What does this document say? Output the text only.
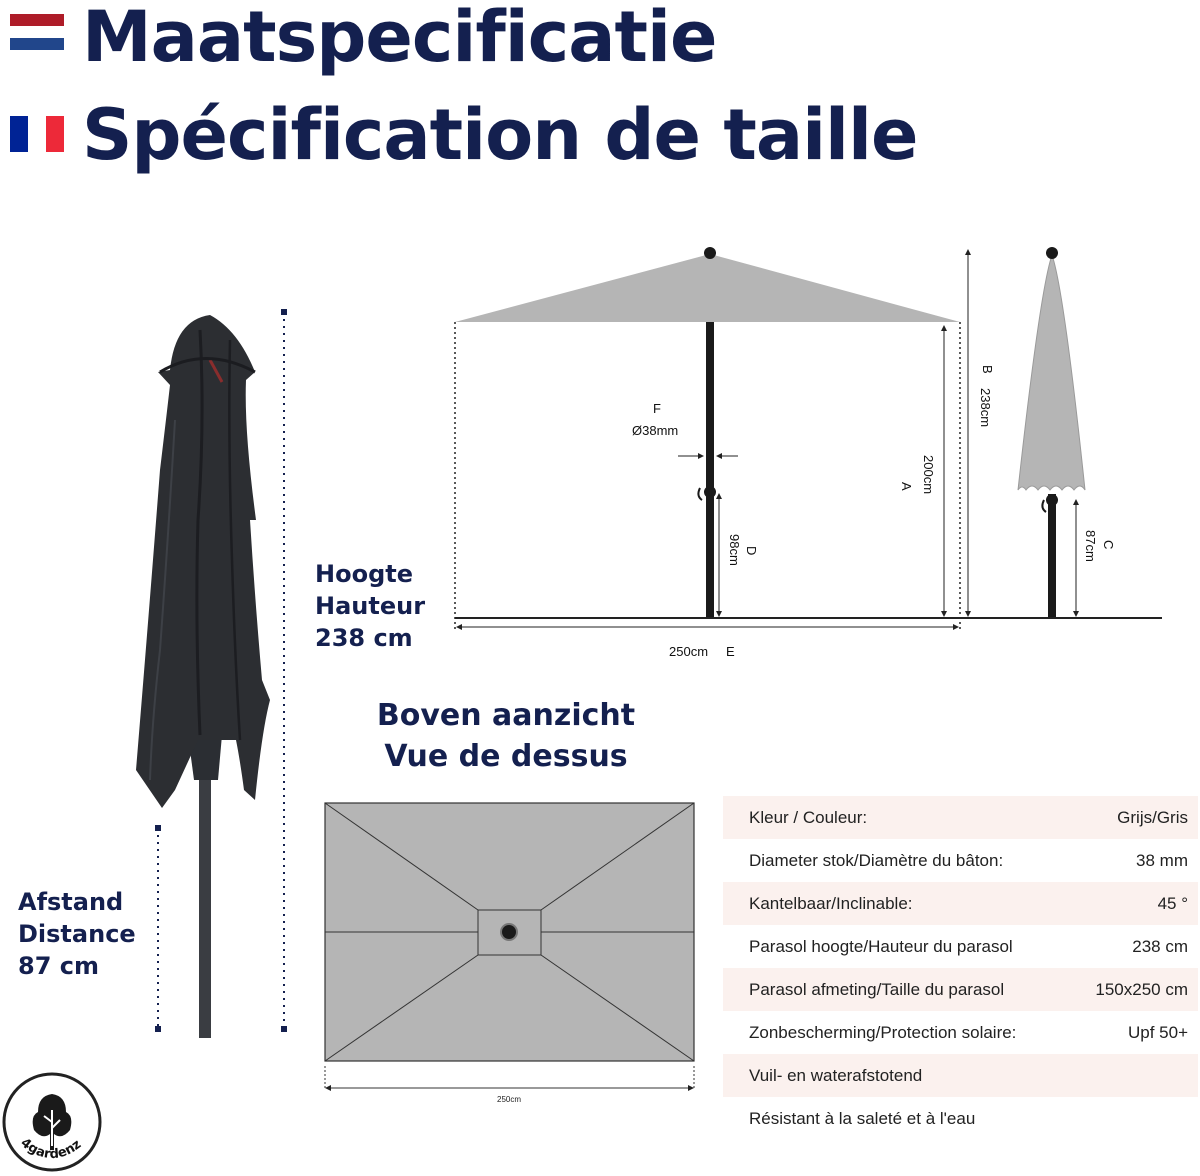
Maatspecificatie
Spécification de taille
Hoogte
Hauteur
238 cm
Afstand
Distance
87 cm
F
Ø38mm
250cm E
A 200cm
B
238cm
D
98cm	C
87cm
Boven aanzicht
Vue de dessus
250cm
Kleur / Couleur:	Grijs/Gris
Diameter stok/Diamètre du bâton:	38 mm
Kantelbaar/Inclinable:	45 °
Parasol hoogte/Hauteur du parasol	238 cm
Parasol afmeting/Taille du parasol	150x250 cm
Zonbescherming/Protection solaire:	Upf 50+
Vuil- en waterafstotend
Résistant à la saleté et à l'eau
4gardenz
